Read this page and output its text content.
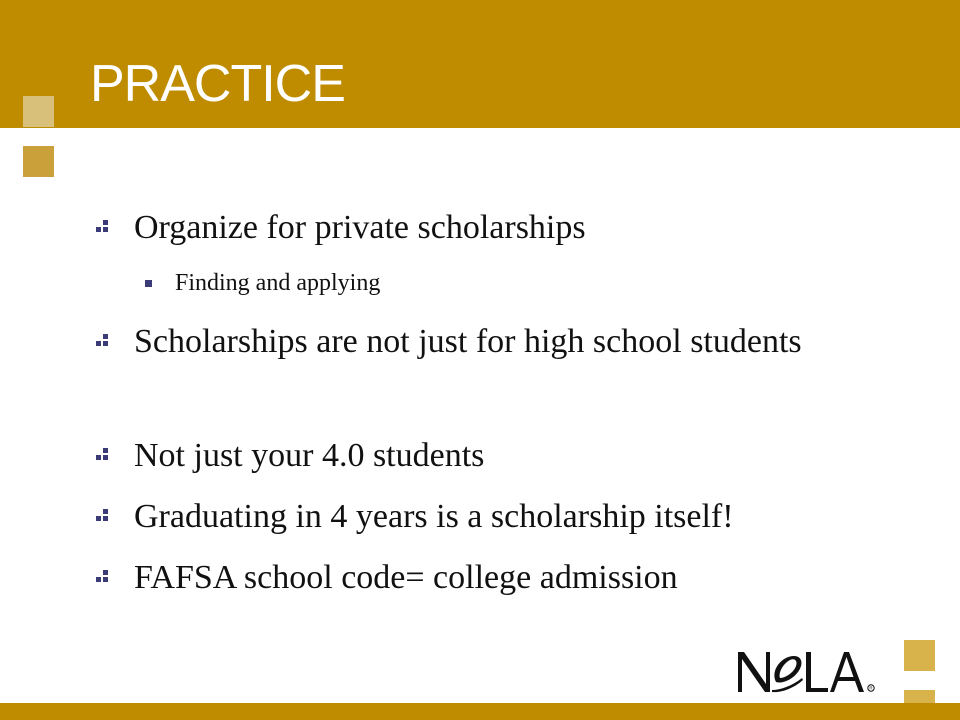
PRACTICE
Organize for private scholarships
Finding and applying
Scholarships are not just for high school students
Not just your 4.0 students
Graduating in 4 years is a scholarship itself!
FAFSA school code= college admission
R
